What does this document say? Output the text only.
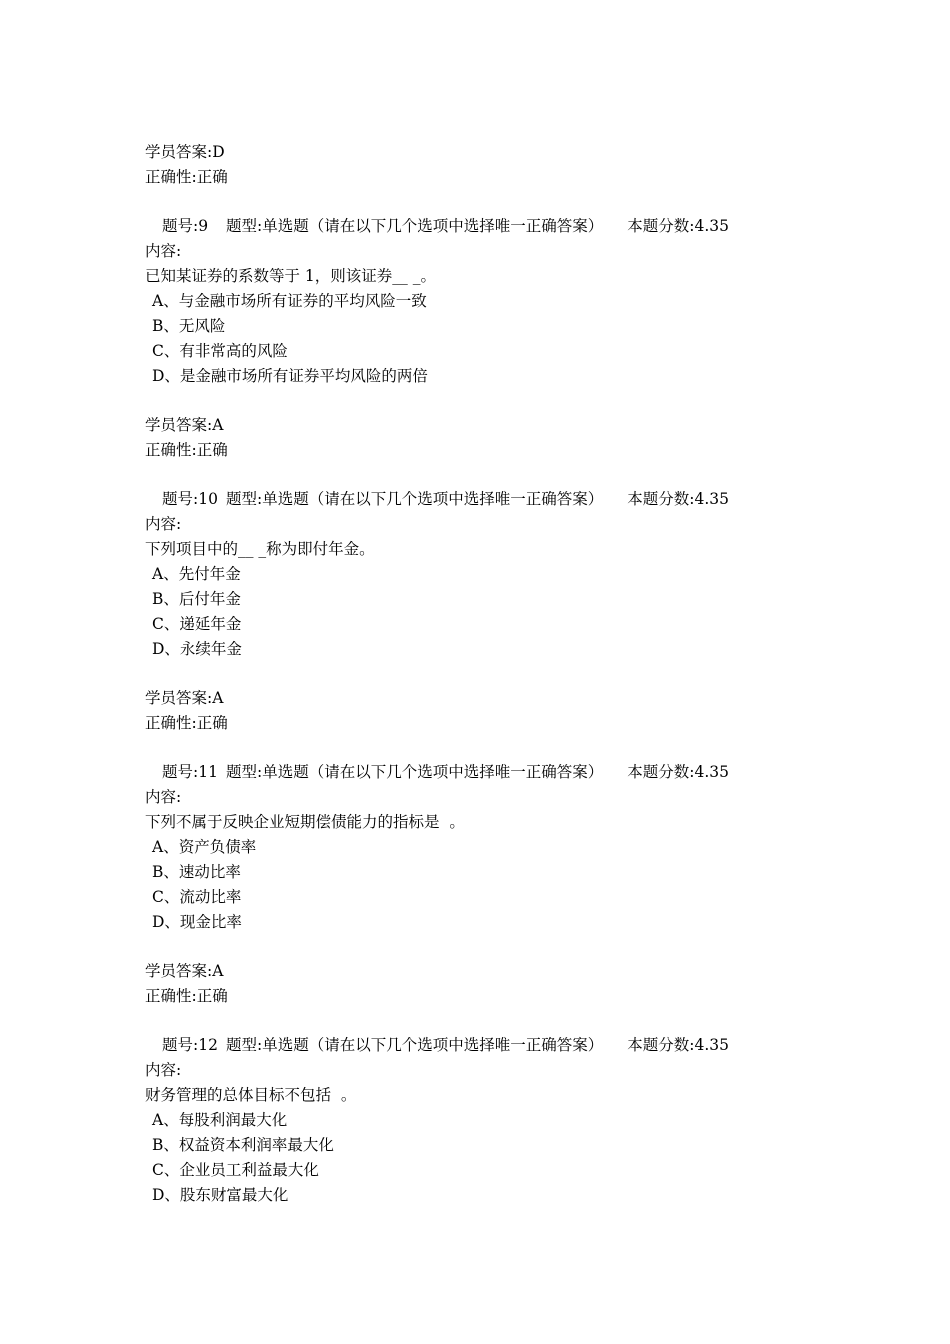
学员答案:D
正确性:正确
题号:9 题型:单选题（请在以下几个选项中选择唯一正确答案） 本题分数:4.35
内容:
已知某证券的系数等于 1，则该证券__ _。
A、与金融市场所有证券的平均风险一致
B、无风险
C、有非常高的风险
D、是金融市场所有证券平均风险的两倍
学员答案:A
正确性:正确
题号:10 题型:单选题（请在以下几个选项中选择唯一正确答案） 本题分数:4.35
内容:
下列项目中的__ _称为即付年金。
A、先付年金
B、后付年金
C、递延年金
D、永续年金
学员答案:A
正确性:正确
题号:11 题型:单选题（请在以下几个选项中选择唯一正确答案） 本题分数:4.35
内容:
下列不属于反映企业短期偿债能力的指标是  。
A、资产负债率
B、速动比率
C、流动比率
D、现金比率
学员答案:A
正确性:正确
题号:12 题型:单选题（请在以下几个选项中选择唯一正确答案） 本题分数:4.35
内容:
财务管理的总体目标不包括  。
A、每股利润最大化
B、权益资本利润率最大化
C、企业员工利益最大化
D、股东财富最大化
